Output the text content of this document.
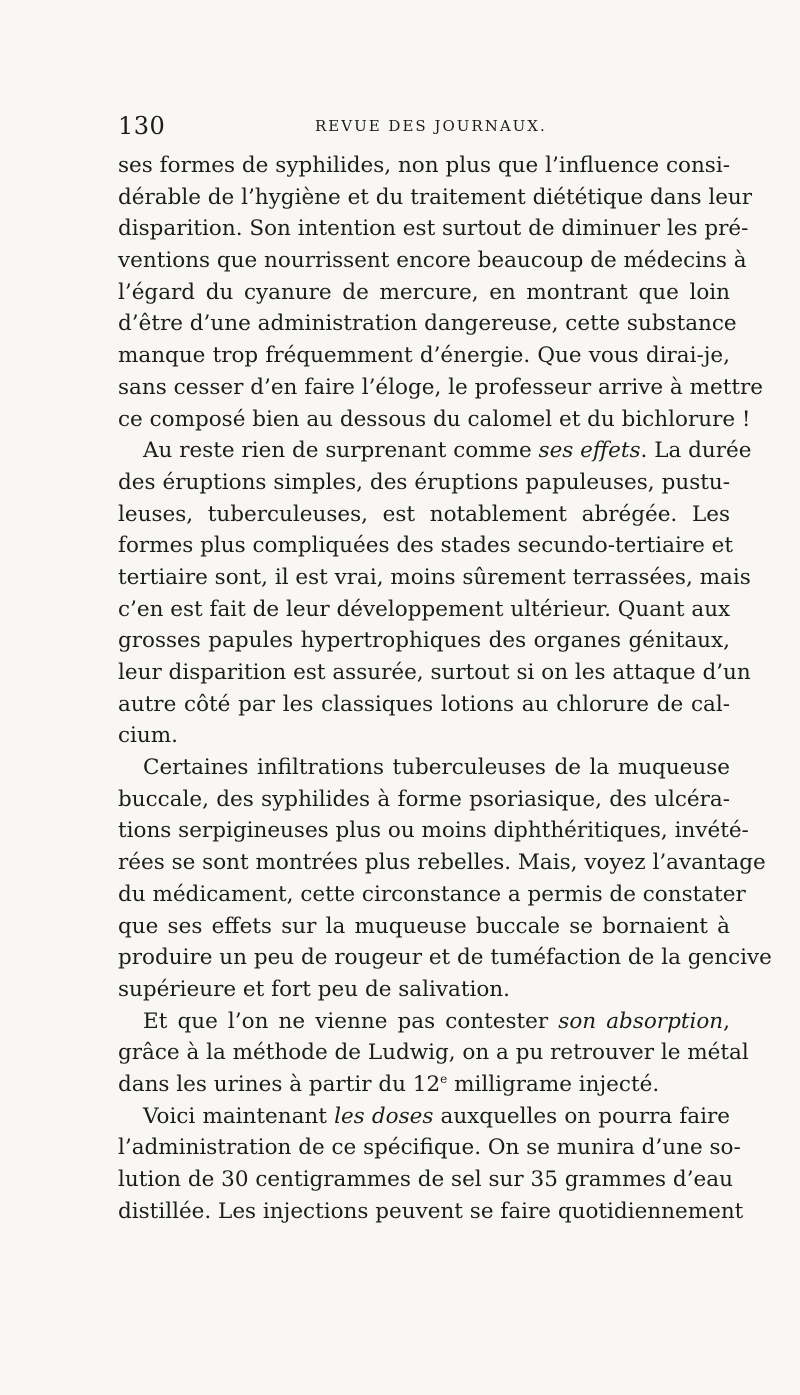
130	REVUE DES JOURNAUX.
ses formes de syphilides, non plus que l’influence consi-
dérable de l’hygiène et du traitement diététique dans leur
disparition. Son intention est surtout de diminuer les pré-
ventions que nourrissent encore beaucoup de médecins à
l’égard du cyanure de mercure, en montrant que loin
d’être d’une administration dangereuse, cette substance
manque trop fréquemment d’énergie. Que vous dirai-je,
sans cesser d’en faire l’éloge, le professeur arrive à mettre
ce composé bien au dessous du calomel et du bichlorure !
Au reste rien de surprenant comme ses effets. La durée
des éruptions simples, des éruptions papuleuses, pustu-
leuses, tuberculeuses, est notablement abrégée. Les
formes plus compliquées des stades secundo-tertiaire et
tertiaire sont, il est vrai, moins sûrement terrassées, mais
c’en est fait de leur développement ultérieur. Quant aux
grosses papules hypertrophiques des organes génitaux,
leur disparition est assurée, surtout si on les attaque d’un
autre côté par les classiques lotions au chlorure de cal-
cium.
Certaines infiltrations tuberculeuses de la muqueuse
buccale, des syphilides à forme psoriasique, des ulcéra-
tions serpigineuses plus ou moins diphthéritiques, invété-
rées se sont montrées plus rebelles. Mais, voyez l’avantage
du médicament, cette circonstance a permis de constater
que ses effets sur la muqueuse buccale se bornaient à
produire un peu de rougeur et de tuméfaction de la gencive
supérieure et fort peu de salivation.
Et que l’on ne vienne pas contester son absorption,
grâce à la méthode de Ludwig, on a pu retrouver le métal
dans les urines à partir du 12e milligrame injecté.
Voici maintenant les doses auxquelles on pourra faire
l’administration de ce spécifique. On se munira d’une so-
lution de 30 centigrammes de sel sur 35 grammes d’eau
distillée. Les injections peuvent se faire quotidiennement
